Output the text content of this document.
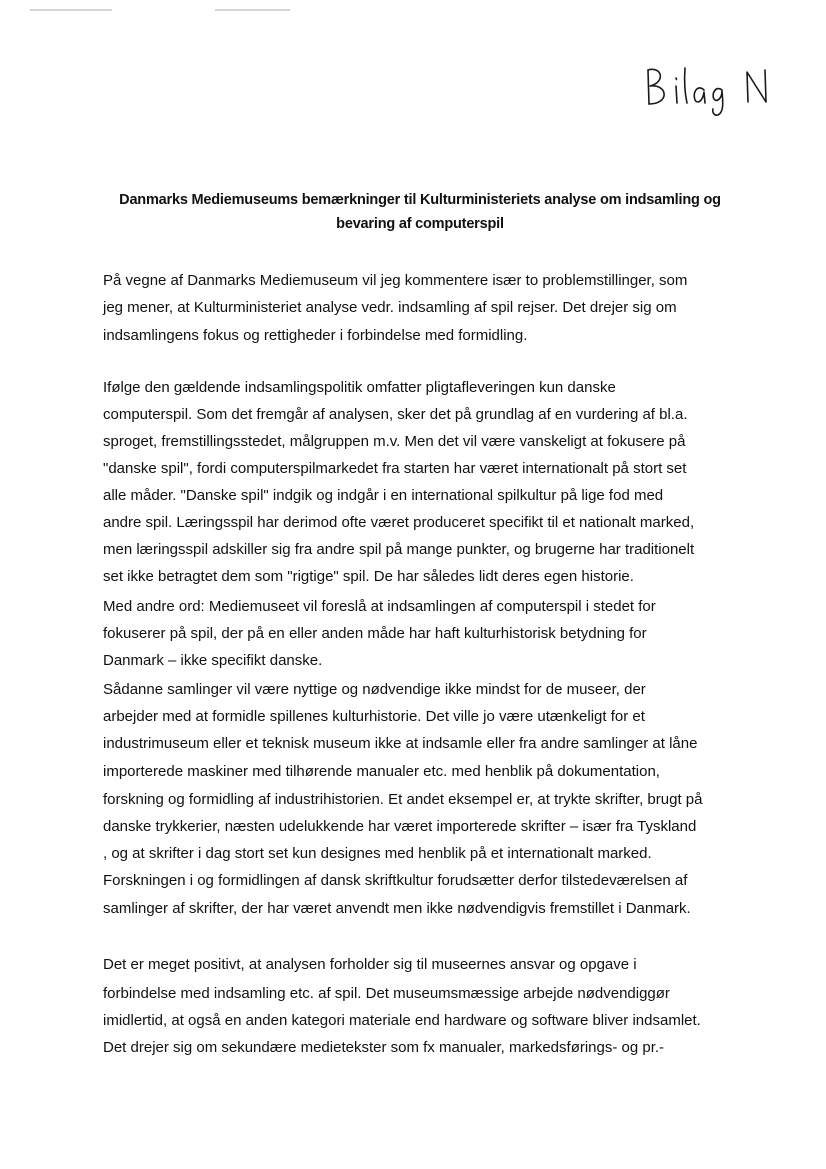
Bilag N
Danmarks Mediemuseums bemærkninger til Kulturministeriets analyse om indsamling og
bevaring af computerspil
På vegne af Danmarks Mediemuseum vil jeg kommentere især to problemstillinger, som
jeg mener, at Kulturministeriet analyse vedr. indsamling af spil rejser. Det drejer sig om
indsamlingens fokus og rettigheder i forbindelse med formidling.
Ifølge den gældende indsamlingspolitik omfatter pligtafleveringen kun danske
computerspil. Som det fremgår af analysen, sker det på grundlag af en vurdering af bl.a.
sproget, fremstillingsstedet, målgruppen m.v. Men det vil være vanskeligt at fokusere på
"danske spil", fordi computerspilmarkedet fra starten har været internationalt på stort set
alle måder. "Danske spil" indgik og indgår i en international spilkultur på lige fod med
andre spil. Læringsspil har derimod ofte været produceret specifikt til et nationalt marked,
men læringsspil adskiller sig fra andre spil på mange punkter, og brugerne har traditionelt
set ikke betragtet dem som "rigtige" spil. De har således lidt deres egen historie.
Med andre ord: Mediemuseet vil foreslå at indsamlingen af computerspil i stedet for
fokuserer på spil, der på en eller anden måde har haft kulturhistorisk betydning for
Danmark – ikke specifikt danske.
Sådanne samlinger vil være nyttige og nødvendige ikke mindst for de museer, der
arbejder med at formidle spillenes kulturhistorie. Det ville jo være utænkeligt for et
industrimuseum eller et teknisk museum ikke at indsamle eller fra andre samlinger at låne
importerede maskiner med tilhørende manualer etc. med henblik på dokumentation,
forskning og formidling af industrihistorien. Et andet eksempel er, at trykte skrifter, brugt på
danske trykkerier, næsten udelukkende har været importerede skrifter – især fra Tyskland
, og at skrifter i dag stort set kun designes med henblik på et internationalt marked.
Forskningen i og formidlingen af dansk skriftkultur forudsætter derfor tilstedeværelsen af
samlinger af skrifter, der har været anvendt men ikke nødvendigvis fremstillet i Danmark.
Det er meget positivt, at analysen forholder sig til museernes ansvar og opgave i
forbindelse med indsamling etc. af spil. Det museumsmæssige arbejde nødvendiggør
imidlertid, at også en anden kategori materiale end hardware og software bliver indsamlet.
Det drejer sig om sekundære medietekster som fx manualer, markedsførings- og pr.-
